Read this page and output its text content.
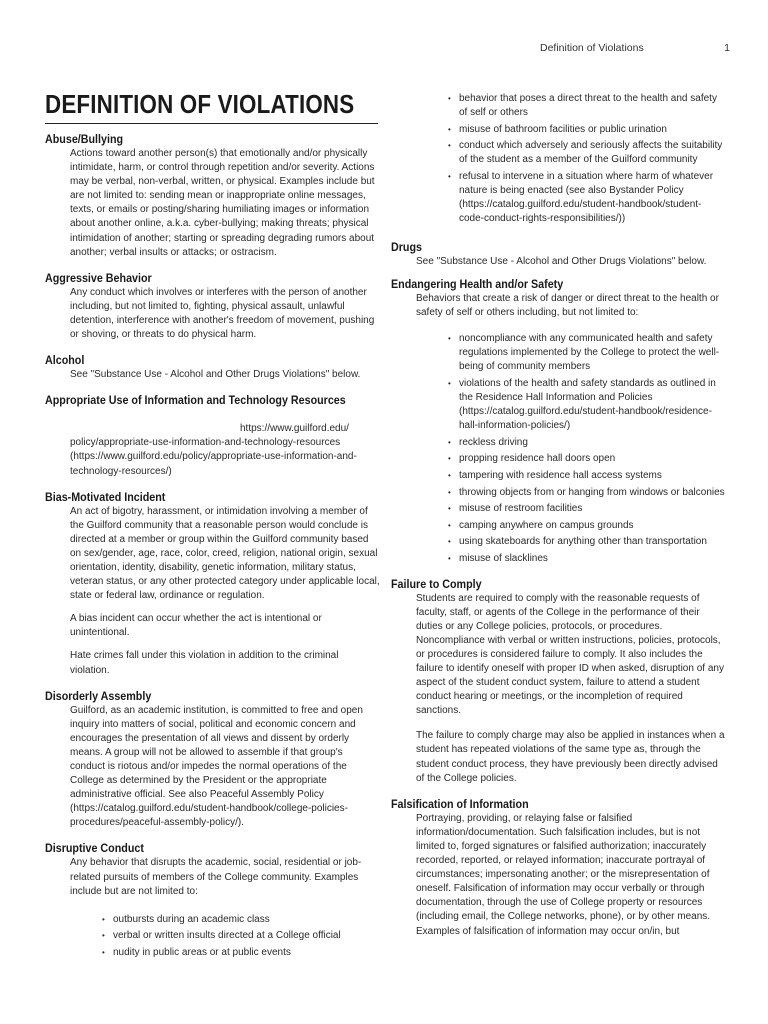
Definition of Violations	1
DEFINITION OF VIOLATIONS
Abuse/Bullying

Actions toward another person(s) that emotionally and/or physically intimidate, harm, or control through repetition and/or severity. Actions may be verbal, non-verbal, written, or physical. Examples include but are not limited to: sending mean or inappropriate online messages, texts, or emails or posting/sharing humiliating images or information about another online, a.k.a. cyber-bullying; making threats; physical intimidation of another; starting or spreading degrading rumors about another; verbal insults or attacks; or ostracism.

Aggressive Behavior

Any conduct which involves or interferes with the person of another including, but not limited to, fighting, physical assault, unlawful detention, interference with another's freedom of movement, pushing or shoving, or threats to do physical harm.

Alcohol

See "Substance Use - Alcohol and Other Drugs Violations" below.

Appropriate Use of Information and Technology Resources

https://www.guilford.edu/

policy/appropriate-use-information-and-technology-resources (https://www.guilford.edu/policy/appropriate-use-information-and-technology-resources/)

Bias-Motivated Incident

An act of bigotry, harassment, or intimidation involving a member of the Guilford community that a reasonable person would conclude is directed at a member or group within the Guilford community based on sex/gender, age, race, color, creed, religion, national origin, sexual orientation, identity, disability, genetic information, military status, veteran status, or any other protected category under applicable local, state or federal law, ordinance or regulation.

A bias incident can occur whether the act is intentional or unintentional.

Hate crimes fall under this violation in addition to the criminal violation.

Disorderly Assembly

Guilford, as an academic institution, is committed to free and open inquiry into matters of social, political and economic concern and encourages the presentation of all views and dissent by orderly means. A group will not be allowed to assemble if that group's conduct is riotous and/or impedes the normal operations of the College as determined by the President or the appropriate administrative official. See also Peaceful Assembly Policy (https://catalog.guilford.edu/student-handbook/college-policies-procedures/peaceful-assembly-policy/).

Disruptive Conduct

Any behavior that disrupts the academic, social, residential or job-related pursuits of members of the College community. Examples include but are not limited to:

• outbursts during an academic class
• verbal or written insults directed at a College official
• nudity in public areas or at public events
• behavior that poses a direct threat to the health and safety of self or others
• misuse of bathroom facilities or public urination
• conduct which adversely and seriously affects the suitability of the student as a member of the Guilford community
• refusal to intervene in a situation where harm of whatever nature is being enacted (see also Bystander Policy (https://catalog.guilford.edu/student-handbook/student-code-conduct-rights-responsibilities/))
Drugs

See "Substance Use - Alcohol and Other Drugs Violations" below.

Endangering Health and/or Safety

Behaviors that create a risk of danger or direct threat to the health or safety of self or others including, but not limited to:

• noncompliance with any communicated health and safety regulations implemented by the College to protect the well-being of community members
• violations of the health and safety standards as outlined in the Residence Hall Information and Policies (https://catalog.guilford.edu/student-handbook/residence-hall-information-policies/)
• reckless driving
• propping residence hall doors open
• tampering with residence hall access systems
• throwing objects from or hanging from windows or balconies
• misuse of restroom facilities
• camping anywhere on campus grounds
• using skateboards for anything other than transportation
• misuse of slacklines
Failure to Comply

Students are required to comply with the reasonable requests of faculty, staff, or agents of the College in the performance of their duties or any College policies, protocols, or procedures. Noncompliance with verbal or written instructions, policies, protocols, or procedures is considered failure to comply. It also includes the failure to identify oneself with proper ID when asked, disruption of any aspect of the student conduct system, failure to attend a student conduct hearing or meetings, or the incompletion of required sanctions.

The failure to comply charge may also be applied in instances when a student has repeated violations of the same type as, through the student conduct process, they have previously been directly advised of the College policies.

Falsification of Information

Portraying, providing, or relaying false or falsified information/documentation. Such falsification includes, but is not limited to, forged signatures or falsified authorization; inaccurately recorded, reported, or relayed information; inaccurate portrayal of circumstances; impersonating another; or the misrepresentation of oneself. Falsification of information may occur verbally or through documentation, through the use of College property or resources (including email, the College networks, phone), or by other means. Examples of falsification of information may occur on/in, but
